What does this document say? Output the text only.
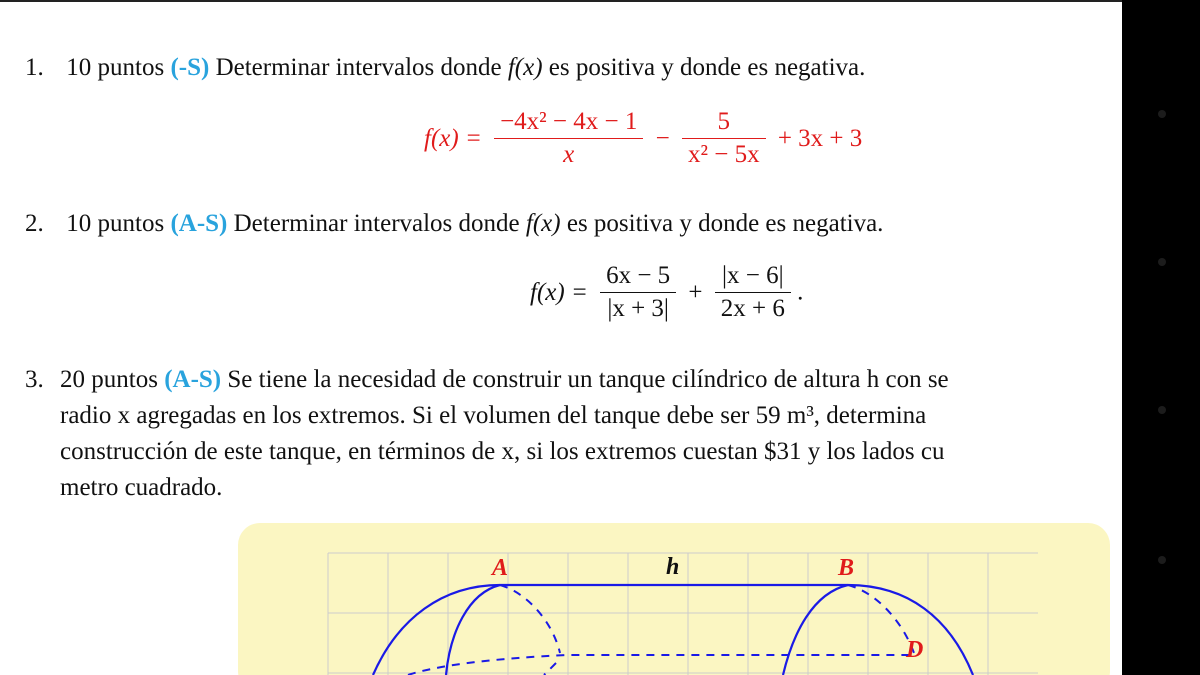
1. 10 puntos (-S) Determinar intervalos donde f(x) es positiva y donde es negativa.
$f(x) = \frac{\text{−4x² − 4x − 1}}{x} - \frac{5}{\text{x² − 5x}} + 3x + 3$
2. 10 puntos (A-S) Determinar intervalos donde f(x) es positiva y donde es negativa.
$f(x) = \frac{6x - 5}{|x + 3|} + \frac{|x - 6|}{2x + 6}$ .
3. 20 puntos (A-S) Se tiene la necesidad de construir un tanque cilíndrico de altura h con se
radio x agregadas en los extremos. Si el volumen del tanque debe ser 59 m³, determina
construcción de este tanque, en términos de x, si los extremos cuestan $31 y los lados cu
metro cuadrado.
A	B
D
h
